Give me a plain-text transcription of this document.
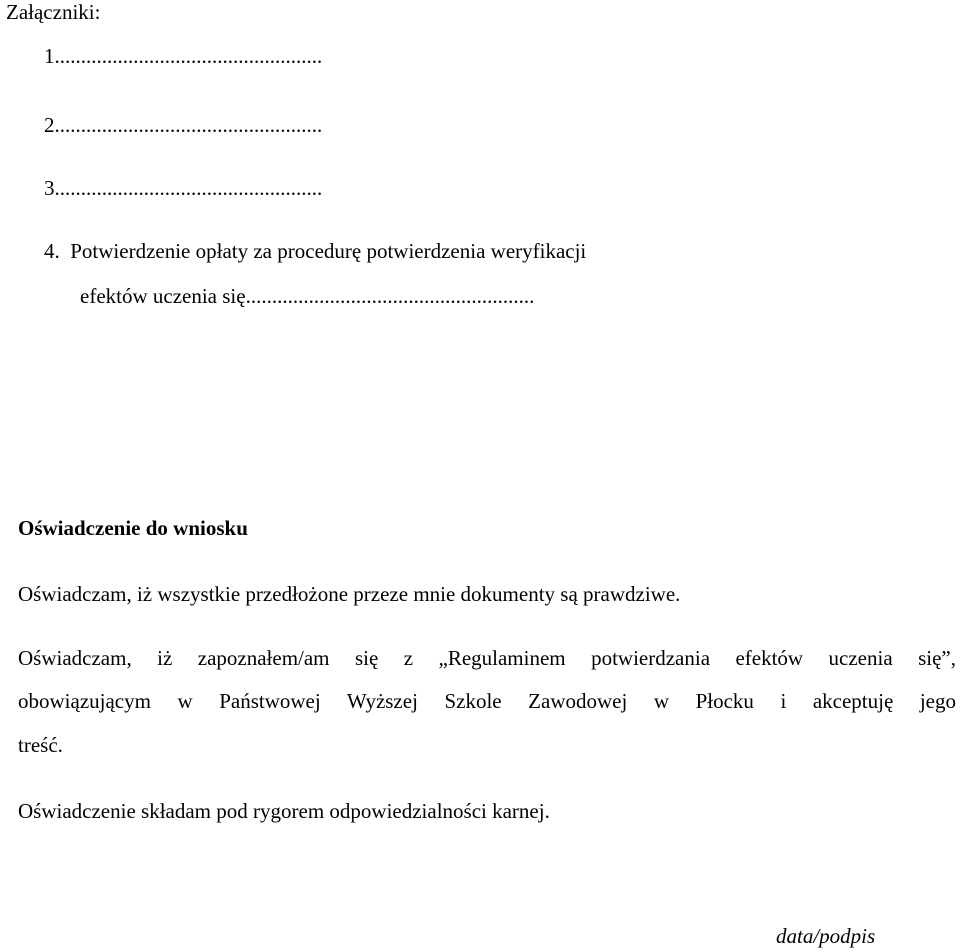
Załączniki:
1...................................................
2...................................................
3...................................................
4.  Potwierdzenie opłaty za procedurę potwierdzenia weryfikacji
efektów uczenia się.......................................................
Oświadczenie do wniosku
Oświadczam, iż wszystkie przedłożone przeze mnie dokumenty są prawdziwe.
Oświadczam, iż zapoznałem/am się z „Regulaminem potwierdzania efektów uczenia się”,
obowiązującym w Państwowej Wyższej Szkole Zawodowej w Płocku i akceptuję jego
treść.
Oświadczenie składam pod rygorem odpowiedzialności karnej.
data/podpis
